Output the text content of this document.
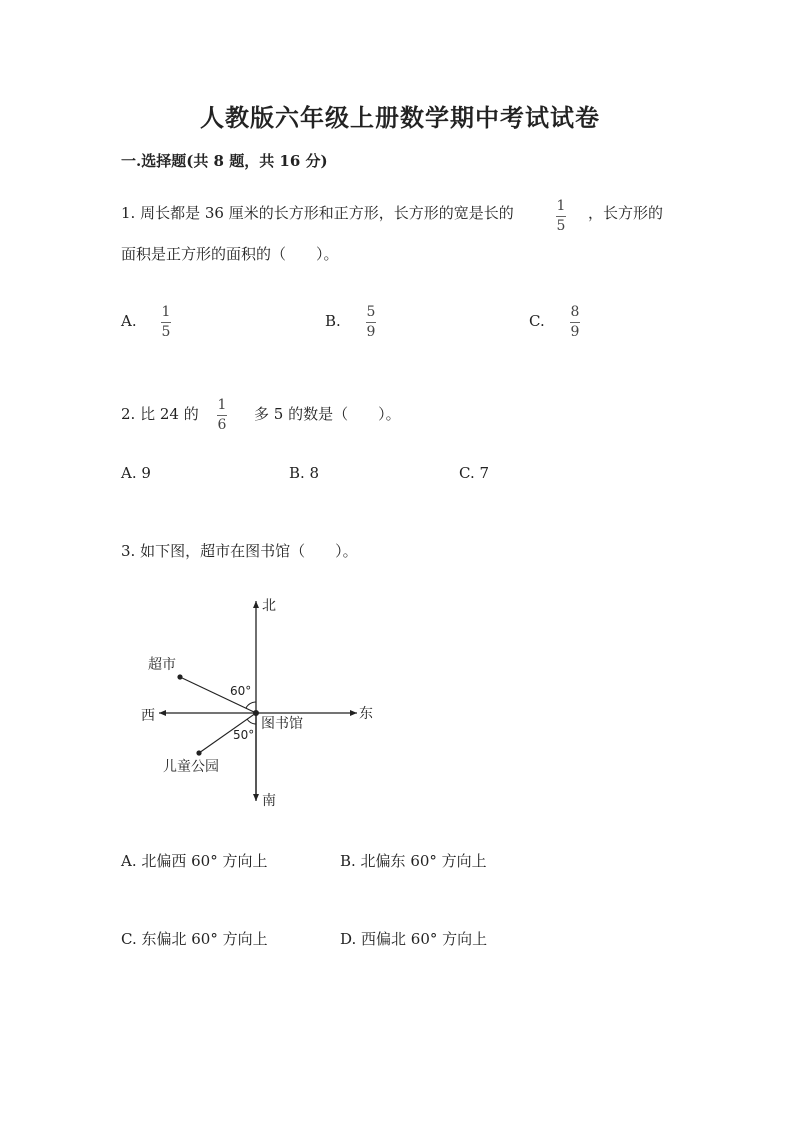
人教版六年级上册数学期中考试试卷
一.选择题(共 8 题，共 16 分)
1. 周长都是 36 厘米的长方形和正方形，长方形的宽是长的	1
5
，长方形的
面积是正方形的面积的（　　）。
A. 1
5
B. 5
9
C. 8
9
2. 比 24 的 1
6
多 5 的数是（　　）。
A. 9	B. 8	C. 7
3. 如下图，超市在图书馆（　　）。
北
南
东
西	图书馆
超市
儿童公园
60°
50°
A. 北偏西 60° 方向上	B. 北偏东 60° 方向上
C. 东偏北 60° 方向上	D. 西偏北 60° 方向上
